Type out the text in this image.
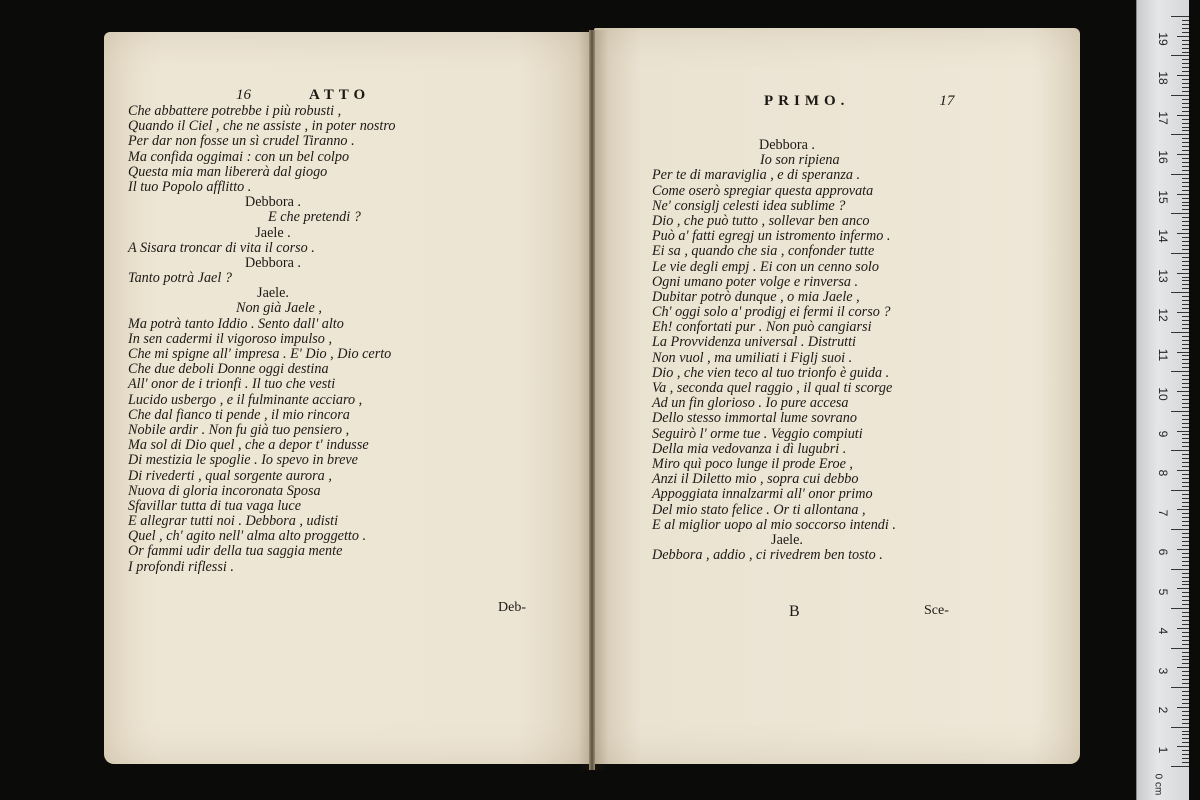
16	ATTO	PRIMO.	17
Che abbattere potrebbe i più robusti ,
Quando il Ciel , che ne assiste , in poter nostro
Per dar non fosse un sì crudel Tiranno .
Ma confida oggimai : con un bel colpo
Questa mia man libererà dal giogo
Il tuo Popolo afflitto .
Debbora .
E che pretendi ?
Jaele .
A Sisara troncar di vita il corso .
Debbora .
Tanto potrà Jael ?
Jaele.
Non già Jaele ,
Ma potrà tanto Iddio . Sento dall' alto
In sen cadermi il vigoroso impulso ,
Che mi spigne all' impresa . E' Dio , Dio certo
Che due deboli Donne oggi destina
All' onor de i trionfi . Il tuo che vesti
Lucido usbergo , e il fulminante acciaro ,
Che dal fianco ti pende , il mio rincora
Nobile ardir . Non fu già tuo pensiero ,
Ma sol di Dio quel , che a depor t' indusse
Di mestizia le spoglie . Io spevo in breve
Di rivederti , qual sorgente aurora ,
Nuova di gloria incoronata Sposa
Sfavillar tutta di tua vaga luce
E allegrar tutti noi . Debbora , udisti
Quel , ch' agito nell' alma alto proggetto .
Or fammi udir della tua saggia mente
I profondi riflessi .
Debbora .
Io son ripiena
Per te di maraviglia , e di speranza .
Come oserò spregiar questa approvata
Ne' consiglj celesti idea sublime ?
Dio , che può tutto , sollevar ben anco
Può a' fatti egregj un istromento infermo .
Ei sa , quando che sia , confonder tutte
Le vie degli empj . Ei con un cenno solo
Ogni umano poter volge e rinversa .
Dubitar potrò dunque , o mia Jaele ,
Ch' oggi solo a' prodigj ei fermi il corso ?
Eh! confortati pur . Non può cangiarsi
La Provvidenza universal . Distrutti
Non vuol , ma umiliati i Figlj suoi .
Dio , che vien teco al tuo trionfo è guida .
Va , seconda quel raggio , il qual ti scorge
Ad un fin glorioso . Io pure accesa
Dello stesso immortal lume sovrano
Seguirò l' orme tue . Veggio compiuti
Della mia vedovanza i dì lugubri .
Miro quì poco lunge il prode Eroe ,
Anzi il Diletto mio , sopra cui debbo
Appoggiata innalzarmi all' onor primo
Del mio stato felice . Or ti allontana ,
E al miglior uopo al mio soccorso intendi .
Jaele.
Debbora , addio , ci rivedrem ben tosto .
Deb-	B	Sce-
0 cm
19
18
17
16
15
14
13
12
11
10
9
8
7
6
5
4
3
2
1
